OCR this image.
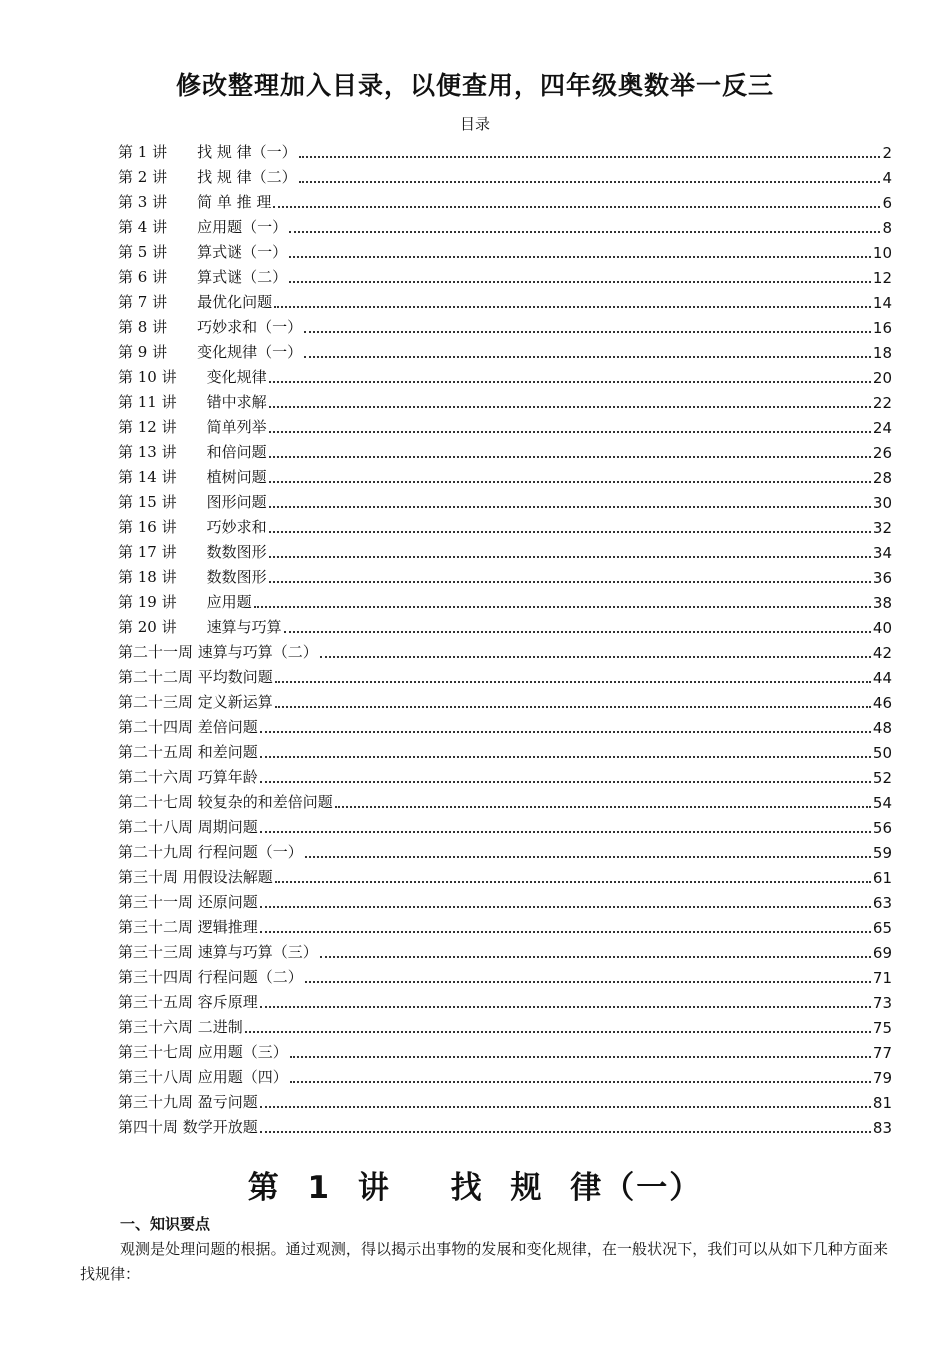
修改整理加入目录，以便查用，四年级奥数举一反三
目录
第 1 讲　　找 规 律（一）	2
第 2 讲　　找 规 律（二）	4
第 3 讲　　简 单 推 理	6
第 4 讲　　应用题（一）	8
第 5 讲　　算式谜（一）	10
第 6 讲　　算式谜（二）	12
第 7 讲　　最优化问题	14
第 8 讲　　巧妙求和（一）	16
第 9 讲　　变化规律（一）	18
第 10 讲　　变化规律	20
第 11 讲　　错中求解	22
第 12 讲　　简单列举	24
第 13 讲　　和倍问题	26
第 14 讲　　植树问题	28
第 15 讲　　图形问题	30
第 16 讲　　巧妙求和	32
第 17 讲　　数数图形	34
第 18 讲　　数数图形	36
第 19 讲　　应用题	38
第 20 讲　　速算与巧算	40
第二十一周 速算与巧算（二）	42
第二十二周 平均数问题	44
第二十三周 定义新运算	46
第二十四周 差倍问题	48
第二十五周 和差问题	50
第二十六周 巧算年龄	52
第二十七周 较复杂的和差倍问题	54
第二十八周 周期问题	56
第二十九周 行程问题（一）	59
第三十周 用假设法解题	61
第三十一周 还原问题	63
第三十二周 逻辑推理	65
第三十三周 速算与巧算（三）	69
第三十四周 行程问题（二）	71
第三十五周 容斥原理	73
第三十六周 二进制	75
第三十七周 应用题（三）	77
第三十八周 应用题（四）	79
第三十九周 盈亏问题	81
第四十周 数学开放题	83
第 1 讲　 找 规 律（一）
一、知识要点
观测是处理问题的根据。通过观测，得以揭示出事物的发展和变化规律，在一般状况下，我们可以从如下几种方面来找规律：
